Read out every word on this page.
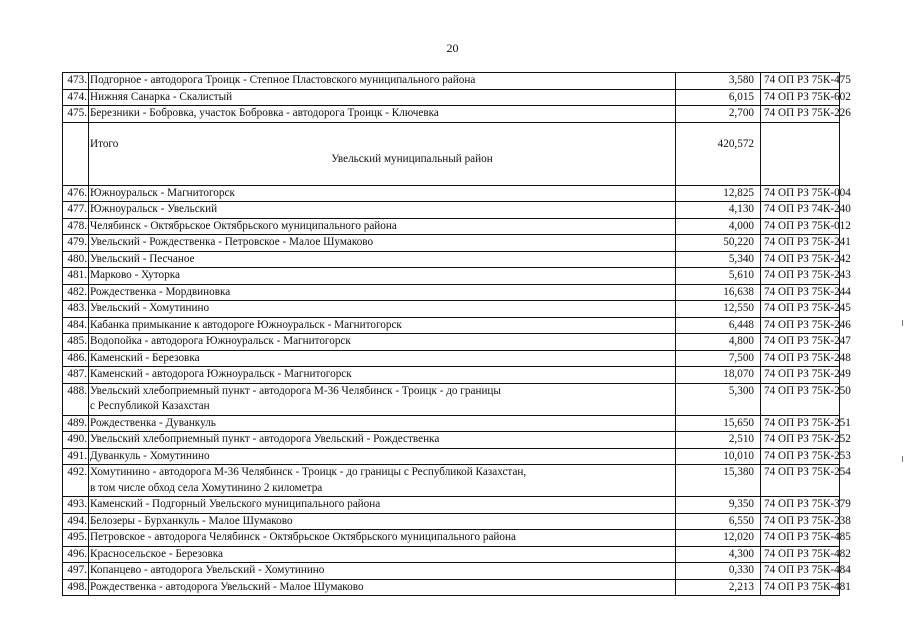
20
473. Подгорное - автодорога Троицк - Степное Пластовского муниципального района	3,580 74 ОП РЗ 75К-475
474. Нижняя Санарка - Скалистый	6,015 74 ОП РЗ 75К-602
475. Березники - Бобровка, участок Бобровка - автодорога Троицк - Ключевка	2,700 74 ОП РЗ 75К-226
Итого	420,572
Увельский муниципальный район
476. Южноуральск - Магнитогорск	12,825 74 ОП РЗ 75К-004
477. Южноуральск - Увельский	4,130 74 ОП РЗ 74К-240
478. Челябинск - Октябрьское Октябрьского муниципального района	4,000 74 ОП РЗ 75К-012
479. Увельский - Рождественка - Петровское - Малое Шумаково	50,220 74 ОП РЗ 75К-241
480. Увельский - Песчаное	5,340 74 ОП РЗ 75К-242
481. Марково - Хуторка	5,610 74 ОП РЗ 75К-243
482. Рождественка - Мордвиновка	16,638 74 ОП РЗ 75К-244
483. Увельский - Хомутинино	12,550 74 ОП РЗ 75К-245
484. Кабанка примыкание к автодороге Южноуральск - Магнитогорск	6,448 74 ОП РЗ 75К-246
485. Водопойка - автодорога Южноуральск - Магнитогорск	4,800 74 ОП РЗ 75К-247
486. Каменский - Березовка	7,500 74 ОП РЗ 75К-248
487. Каменский - автодорога Южноуральск - Магнитогорск	18,070 74 ОП РЗ 75К-249
488. Увельский хлебоприемный пункт - автодорога М-36 Челябинск - Троицк - до границы
с Республикой Казахстан
5,300 74 ОП РЗ 75К-250
489. Рождественка - Дуванкуль	15,650 74 ОП РЗ 75К-251
490. Увельский хлебоприемный пункт - автодорога Увельский - Рождественка	2,510 74 ОП РЗ 75К-252
491. Дуванкуль - Хомутинино	10,010 74 ОП РЗ 75К-253
492. Хомутинино - автодорога М-36 Челябинск - Троицк - до границы с Республикой Казахстан,
в том числе обход села Хомутинино 2 километра
15,380 74 ОП РЗ 75К-254
493. Каменский - Подгорный Увельского муниципального района	9,350 74 ОП РЗ 75К-379
494. Белозеры - Бурханкуль - Малое Шумаково	6,550 74 ОП РЗ 75К-238
495. Петровское - автодорога Челябинск - Октябрьское Октябрьского муниципального района	12,020 74 ОП РЗ 75К-485
496. Красносельское - Березовка	4,300 74 ОП РЗ 75К-482
497. Копанцево - автодорога Увельский - Хомутинино	0,330 74 ОП РЗ 75К-484
498. Рождественка - автодорога Увельский - Малое Шумаково	2,213 74 ОП РЗ 75К-481
